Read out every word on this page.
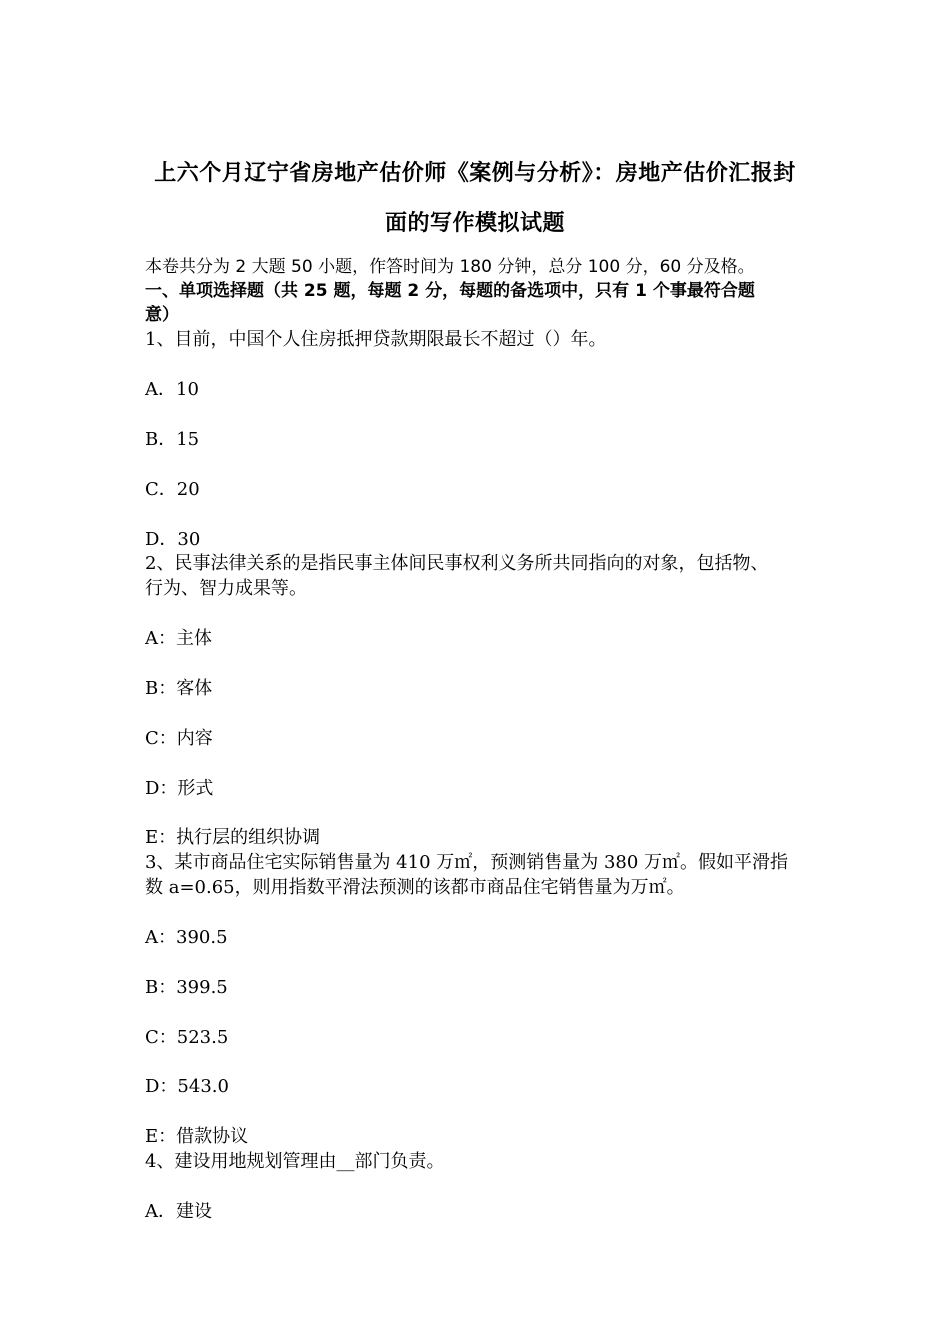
上六个月辽宁省房地产估价师《案例与分析》：房地产估价汇报封
面的写作模拟试题
本卷共分为 2 大题 50 小题，作答时间为 180 分钟，总分 100 分，60 分及格。
一、单项选择题（共 25 题，每题 2 分，每题的备选项中，只有 1 个事最符合题
意）
1、目前，中国个人住房抵押贷款期限最长不超过（）年。
A．10
B．15
C．20
D．30
2、民事法律关系的是指民事主体间民事权利义务所共同指向的对象，包括物、
行为、智力成果等。
A：主体
B：客体
C：内容
D：形式
E：执行层的组织协调
3、某市商品住宅实际销售量为 410 万㎡，预测销售量为 380 万㎡。假如平滑指
数 a=0.65，则用指数平滑法预测的该都市商品住宅销售量为万㎡。
A：390.5
B：399.5
C：523.5
D：543.0
E：借款协议
4、建设用地规划管理由__部门负责。
A．建设
